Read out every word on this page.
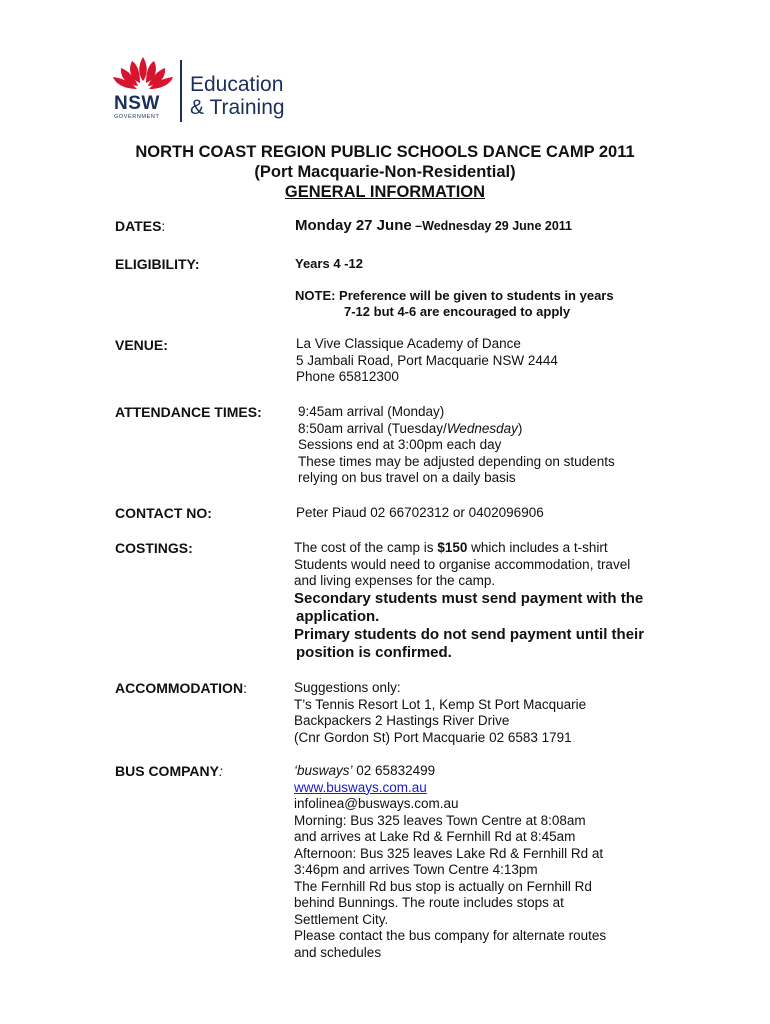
NSW
GOVERNMENT
Education
& Training
NORTH COAST REGION PUBLIC SCHOOLS DANCE CAMP 2011
(Port Macquarie-Non-Residential)
GENERAL INFORMATION
DATES:	Monday 27 June –Wednesday 29 June 2011
ELIGIBILITY:	Years 4 -12
NOTE: Preference will be given to students in years
7-12 but 4-6 are encouraged to apply
VENUE:	La Vive Classique Academy of Dance
5 Jambali Road, Port Macquarie NSW 2444
Phone 65812300
ATTENDANCE TIMES:	9:45am arrival (Monday)
8:50am arrival (Tuesday/Wednesday)
Sessions end at 3:00pm each day
These times may be adjusted depending on students
relying on bus travel on a daily basis
CONTACT NO:	Peter Piaud 02 66702312 or 0402096906
COSTINGS:	The cost of the camp is $150 which includes a t-shirt
Students would need to organise accommodation, travel
and living expenses for the camp.
Secondary students must send payment with the
application.
Primary students do not send payment until their
position is confirmed.
ACCOMMODATION:	Suggestions only:
T’s Tennis Resort Lot 1, Kemp St Port Macquarie
Backpackers 2 Hastings River Drive
(Cnr Gordon St) Port Macquarie 02 6583 1791
BUS COMPANY:	‘busways’ 02 65832499
www.busways.com.au
infolinea@busways.com.au
Morning: Bus 325 leaves Town Centre at 8:08am
and arrives at Lake Rd & Fernhill Rd at 8:45am
Afternoon: Bus 325 leaves Lake Rd & Fernhill Rd at
3:46pm and arrives Town Centre 4:13pm
The Fernhill Rd bus stop is actually on Fernhill Rd
behind Bunnings. The route includes stops at
Settlement City.
Please contact the bus company for alternate routes
and schedules
